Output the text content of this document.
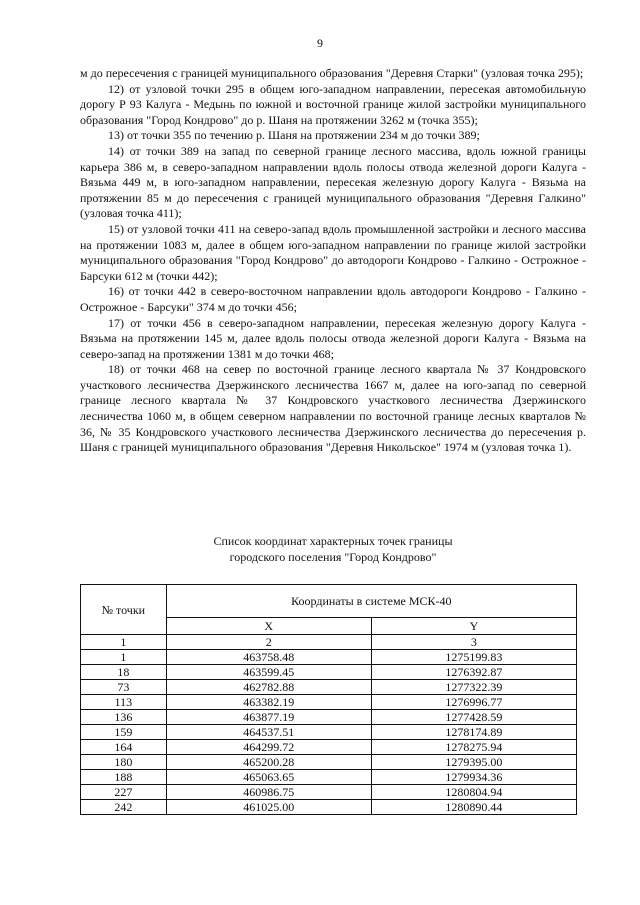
9

м до пересечения с границей муниципального образования "Деревня Старки" (узловая точка 295);

12) от узловой точки 295 в общем юго-западном направлении, пересекая автомобильную дорогу Р 93 Калуга - Медынь по южной и восточной границе жилой застройки муниципального образования "Город Кондрово" до р. Шаня на протяжении 3262 м (точка 355);

13) от точки 355 по течению р. Шаня на протяжении 234 м до точки 389;

14) от точки 389 на запад по северной границе лесного массива, вдоль южной границы карьера 386 м, в северо-западном направлении вдоль полосы отвода железной дороги Калуга - Вязьма 449 м, в юго-западном направлении, пересекая железную дорогу Калуга - Вязьма на протяжении 85 м до пересечения с границей муниципального образования "Деревня Галкино" (узловая точка 411);

15) от узловой точки 411 на северо-запад вдоль промышленной застройки и лесного массива на протяжении 1083 м, далее в общем юго-западном направлении по границе жилой застройки муниципального образования "Город Кондрово" до автодороги Кондрово - Галкино - Острожное - Барсуки 612 м (точки 442);

16) от точки 442 в северо-восточном направлении вдоль автодороги Кондрово - Галкино - Острожное - Барсуки" 374 м до точки 456;

17) от точки 456 в северо-западном направлении, пересекая железную дорогу Калуга - Вязьма на протяжении 145 м, далее вдоль полосы отвода железной дороги Калуга - Вязьма на северо-запад на протяжении 1381 м до точки 468;

18) от точки 468 на север по восточной границе лесного квартала № 37 Кондровского участкового лесничества Дзержинского лесничества 1667 м, далее на юго-запад по северной границе лесного квартала № 37 Кондровского участкового лесничества Дзержинского лесничества 1060 м, в общем северном направлении по восточной границе лесных кварталов № 36, № 35 Кондровского участкового лесничества Дзержинского лесничества до пересечения р. Шаня с границей муниципального образования "Деревня Никольское" 1974 м (узловая точка 1).

Список координат характерных точек границы
городского поселения "Город Кондрово"
№ точки	Координаты в системе МСК-40	
	X	Y
1	2	3
1	463758.48	1275199.83
18	463599.45	1276392.87
73	462782.88	1277322.39
113	463382.19	1276996.77
136	463877.19	1277428.59
159	464537.51	1278174.89
164	464299.72	1278275.94
180	465200.28	1279395.00
188	465063.65	1279934.36
227	460986.75	1280804.94
242	461025.00	1280890.44
